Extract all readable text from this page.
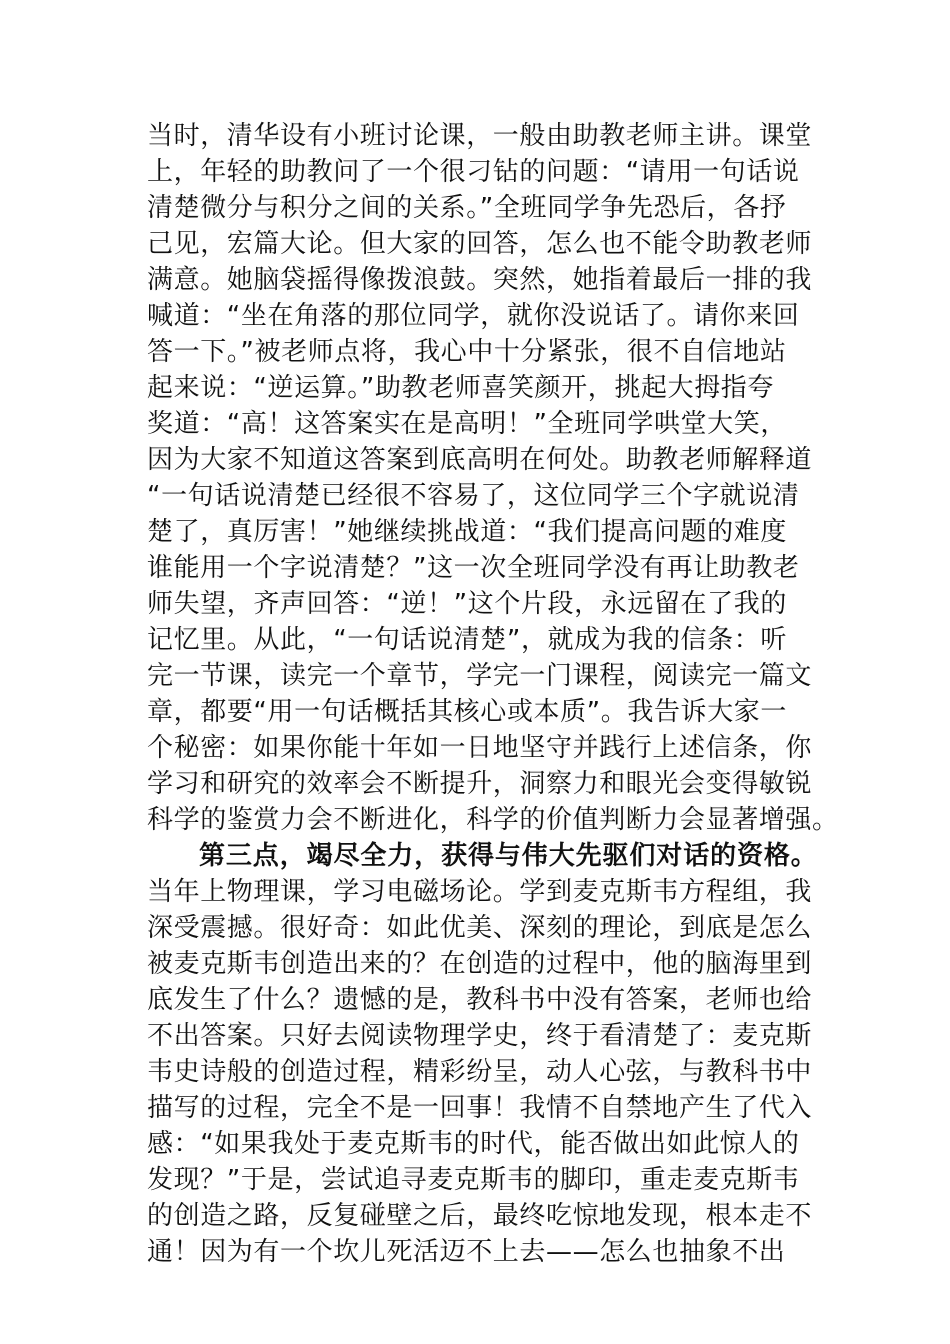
当时，清华设有小班讨论课，一般由助教老师主讲。课堂
上，年轻的助教问了一个很刁钻的问题：“请用一句话说
清楚微分与积分之间的关系。”全班同学争先恐后，各抒
己见，宏篇大论。但大家的回答，怎么也不能令助教老师
满意。她脑袋摇得像拨浪鼓。突然，她指着最后一排的我
喊道：“坐在角落的那位同学，就你没说话了。请你来回
答一下。”被老师点将，我心中十分紧张，很不自信地站
起来说：“逆运算。”助教老师喜笑颜开，挑起大拇指夸
奖道：“高！这答案实在是高明！”全班同学哄堂大笑，
因为大家不知道这答案到底高明在何处。助教老师解释道
“一句话说清楚已经很不容易了，这位同学三个字就说清
楚了，真厉害！”她继续挑战道：“我们提高问题的难度
谁能用一个字说清楚？”这一次全班同学没有再让助教老
师失望，齐声回答：“逆！”这个片段，永远留在了我的
记忆里。从此，“一句话说清楚”，就成为我的信条：听
完一节课，读完一个章节，学完一门课程，阅读完一篇文
章，都要“用一句话概括其核心或本质”。我告诉大家一
个秘密：如果你能十年如一日地坚守并践行上述信条，你
学习和研究的效率会不断提升，洞察力和眼光会变得敏锐
科学的鉴赏力会不断进化，科学的价值判断力会显著增强。
第三点，竭尽全力，获得与伟大先驱们对话的资格。
当年上物理课，学习电磁场论。学到麦克斯韦方程组，我
深受震撼。很好奇：如此优美、深刻的理论，到底是怎么
被麦克斯韦创造出来的？在创造的过程中，他的脑海里到
底发生了什么？遗憾的是，教科书中没有答案，老师也给
不出答案。只好去阅读物理学史，终于看清楚了：麦克斯
韦史诗般的创造过程，精彩纷呈，动人心弦，与教科书中
描写的过程，完全不是一回事！我情不自禁地产生了代入
感：“如果我处于麦克斯韦的时代，能否做出如此惊人的
发现？”于是，尝试追寻麦克斯韦的脚印，重走麦克斯韦
的创造之路，反复碰壁之后，最终吃惊地发现，根本走不
通！因为有一个坎儿死活迈不上去——怎么也抽象不出
